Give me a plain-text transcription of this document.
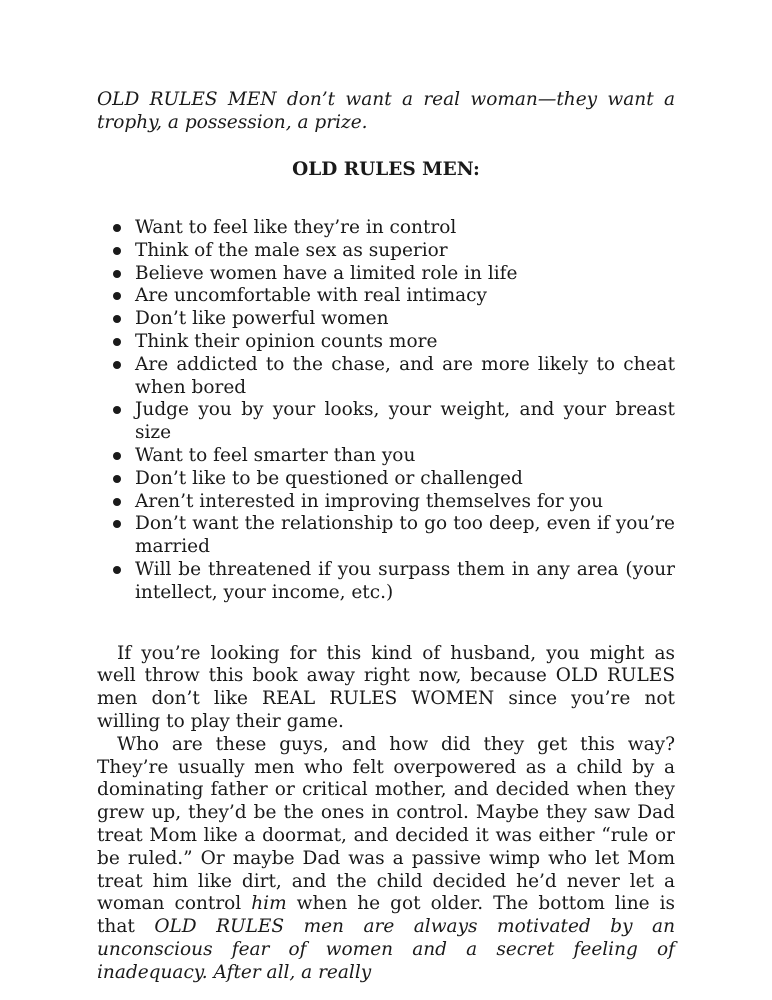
OLD RULES MEN don’t want a real woman—they want a trophy, a possession, a prize.

OLD RULES MEN:
Want to feel like they’re in control
Think of the male sex as superior
Believe women have a limited role in life
Are uncomfortable with real intimacy
Don’t like powerful women
Think their opinion counts more
Are addicted to the chase, and are more likely to cheat when bored
Judge you by your looks, your weight, and your breast size
Want to feel smarter than you
Don’t like to be questioned or challenged
Aren’t interested in improving themselves for you
Don’t want the relationship to go too deep, even if you’re married
Will be threatened if you surpass them in any area (your intellect, your income, etc.)

If you’re looking for this kind of husband, you might as well throw this book away right now, because OLD RULES men don’t like REAL RULES WOMEN since you’re not willing to play their game.

Who are these guys, and how did they get this way? They’re usually men who felt overpowered as a child by a dominating father or critical mother, and decided when they grew up, they’d be the ones in control. Maybe they saw Dad treat Mom like a doormat, and decided it was either “rule or be ruled.” Or maybe Dad was a passive wimp who let Mom treat him like dirt, and the child decided he’d never let a woman control him when he got older. The bottom line is that OLD RULES men are always motivated by an unconscious fear of women and a secret feeling of inadequacy. After all, a really
